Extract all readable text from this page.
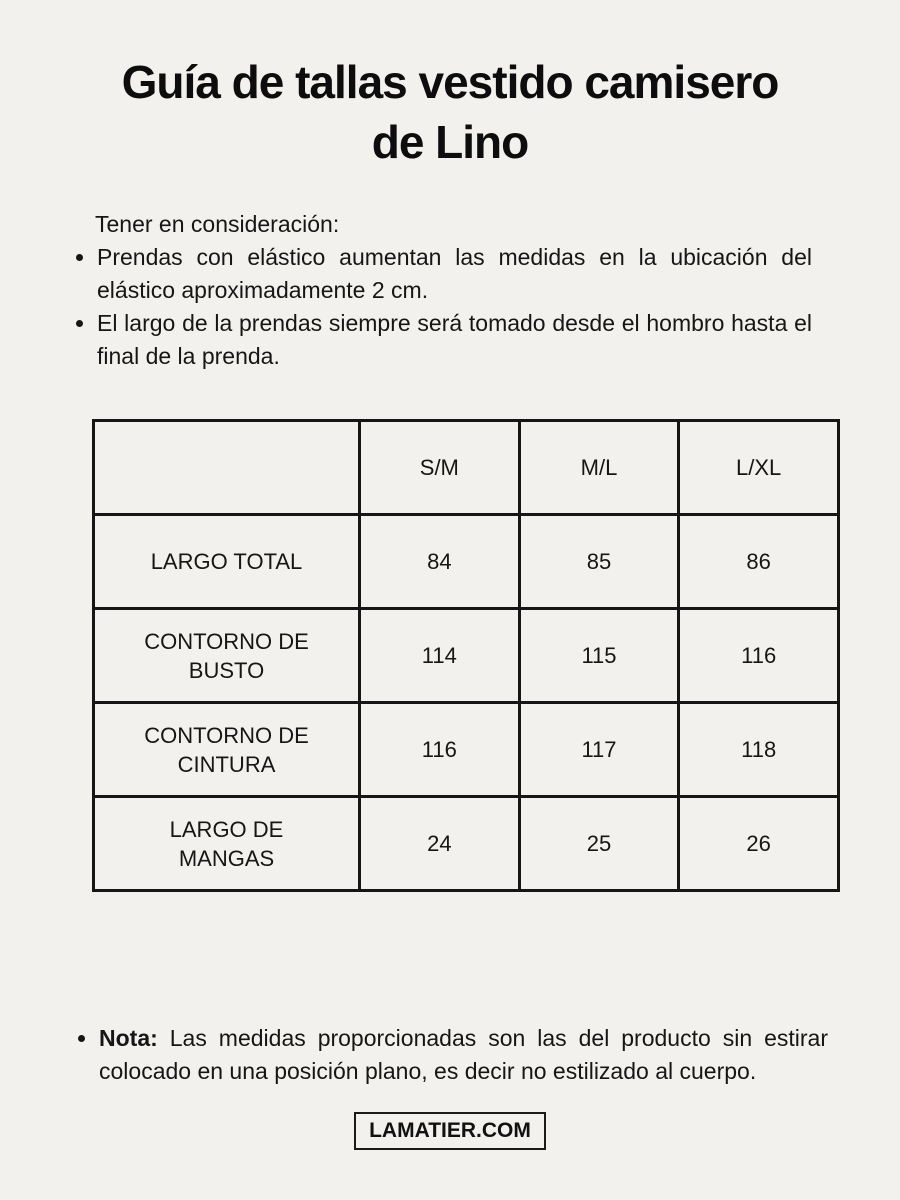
Guía de tallas vestido camisero de Lino
Tener en consideración:
• Prendas con elástico aumentan las medidas en la ubicación del elástico aproximadamente 2 cm.
• El largo de la prendas siempre será tomado desde el hombro hasta el final de la prenda.
	S/M	M/L	L/XL
LARGO TOTAL	84	85	86
CONTORNO DE BUSTO	114	115	116
CONTORNO DE CINTURA	116	117	118
LARGO DE MANGAS	24	25	26
• Nota: Las medidas proporcionadas son las del producto sin estirar colocado en una posición plano, es decir no estilizado al cuerpo.
LAMATIER.COM
